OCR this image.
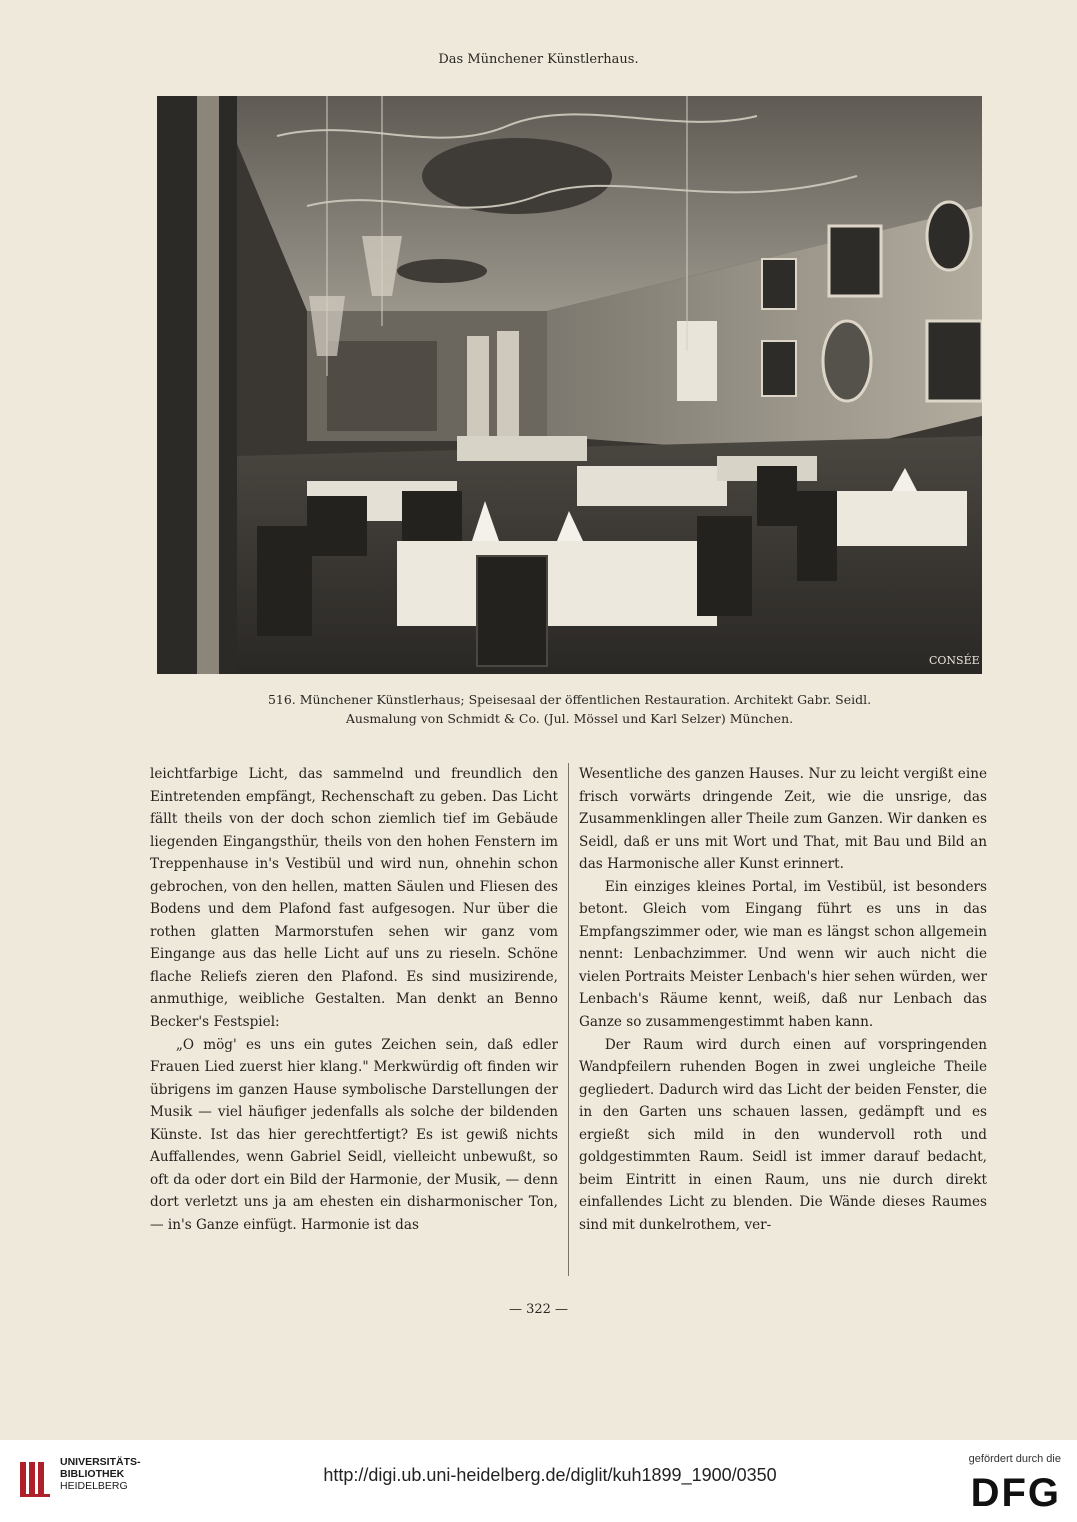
Das Münchener Künstlerhaus.
CONSÉE
516. Münchener Künstlerhaus; Speisesaal der öffentlichen Restauration. Architekt Gabr. Seidl.
Ausmalung von Schmidt & Co. (Jul. Mössel und Karl Selzer) München.

leichtfarbige Licht, das sammelnd und freundlich den Eintretenden empfängt, Rechenschaft zu geben. Das Licht fällt theils von der doch schon ziemlich tief im Gebäude liegenden Eingangsthür, theils von den hohen Fenstern im Treppenhause in's Vestibül und wird nun, ohnehin schon gebrochen, von den hellen, matten Säulen und Fliesen des Bodens und dem Plafond fast aufgesogen. Nur über die rothen glatten Marmorstufen sehen wir ganz vom Eingange aus das helle Licht auf uns zu rieseln. Schöne flache Reliefs zieren den Plafond. Es sind musizirende, anmuthige, weibliche Gestalten. Man denkt an Benno Becker's Festspiel:

„O mög' es uns ein gutes Zeichen sein, daß edler Frauen Lied zuerst hier klang." Merkwürdig oft finden wir übrigens im ganzen Hause symbolische Darstellungen der Musik — viel häufiger jedenfalls als solche der bildenden Künste. Ist das hier gerechtfertigt? Es ist gewiß nichts Auffallendes, wenn Gabriel Seidl, vielleicht unbewußt, so oft da oder dort ein Bild der Harmonie, der Musik, — denn dort verletzt uns ja am ehesten ein disharmonischer Ton, — in's Ganze einfügt. Harmonie ist das

Wesentliche des ganzen Hauses. Nur zu leicht vergißt eine frisch vorwärts dringende Zeit, wie die unsrige, das Zusammenklingen aller Theile zum Ganzen. Wir danken es Seidl, daß er uns mit Wort und That, mit Bau und Bild an das Harmonische aller Kunst erinnert.

Ein einziges kleines Portal, im Vestibül, ist besonders betont. Gleich vom Eingang führt es uns in das Empfangszimmer oder, wie man es längst schon allgemein nennt: Lenbachzimmer. Und wenn wir auch nicht die vielen Portraits Meister Lenbach's hier sehen würden, wer Lenbach's Räume kennt, weiß, daß nur Lenbach das Ganze so zusammengestimmt haben kann.

Der Raum wird durch einen auf vorspringenden Wandpfeilern ruhenden Bogen in zwei ungleiche Theile gegliedert. Dadurch wird das Licht der beiden Fenster, die in den Garten uns schauen lassen, gedämpft und es ergießt sich mild in den wundervoll roth und goldgestimmten Raum. Seidl ist immer darauf bedacht, beim Eintritt in einen Raum, uns nie durch direkt einfallendes Licht zu blenden. Die Wände dieses Raumes sind mit dunkelrothem, ver-

— 322 —
UNIVERSITÄTS-
BIBLIOTHEK
HEIDELBERG
http://digi.ub.uni-heidelberg.de/diglit/kuh1899_1900/0350
gefördert durch die
DFG
